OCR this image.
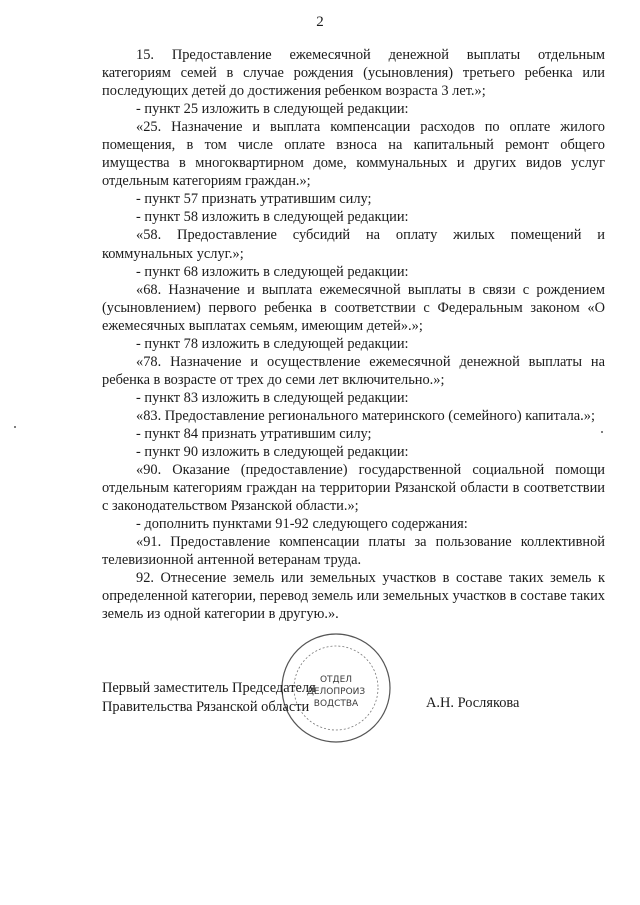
2

15. Предоставление ежемесячной денежной выплаты отдельным категориям семей в случае рождения (усыновления) третьего ребенка или последующих детей до достижения ребенком возраста 3 лет.»;

- пункт 25 изложить в следующей редакции:

«25. Назначение и выплата компенсации расходов по оплате жилого помещения, в том числе оплате взноса на капитальный ремонт общего имущества в многоквартирном доме, коммунальных и других видов услуг отдельным категориям граждан.»;

- пункт 57 признать утратившим силу;

- пункт 58 изложить в следующей редакции:

«58. Предоставление субсидий на оплату жилых помещений и коммунальных услуг.»;

- пункт 68 изложить в следующей редакции:

«68. Назначение и выплата ежемесячной выплаты в связи с рождением (усыновлением) первого ребенка в соответствии с Федеральным законом «О ежемесячных выплатах семьям, имеющим детей».»;

- пункт 78 изложить в следующей редакции:

«78. Назначение и осуществление ежемесячной денежной выплаты на ребенка в возрасте от трех до семи лет включительно.»;

- пункт 83 изложить в следующей редакции:

«83. Предоставление регионального материнского (семейного) капитала.»;

- пункт 84 признать утратившим силу;

- пункт 90 изложить в следующей редакции:

«90. Оказание (предоставление) государственной социальной помощи отдельным категориям граждан на территории Рязанской области в соответствии с законодательством Рязанской области.»;

- дополнить пунктами 91-92 следующего содержания:

«91. Предоставление компенсации платы за пользование коллективной телевизионной антенной ветеранам труда.

92. Отнесение земель или земельных участков в составе таких земель к определенной категории, перевод земель или земельных участков в составе таких земель из одной категории в другую.».

ОТДЕЛ
ДЕЛОПРОИЗ
ВОДСТВА
Первый заместитель Председателя
Правительства Рязанской области	А.Н. Рослякова
